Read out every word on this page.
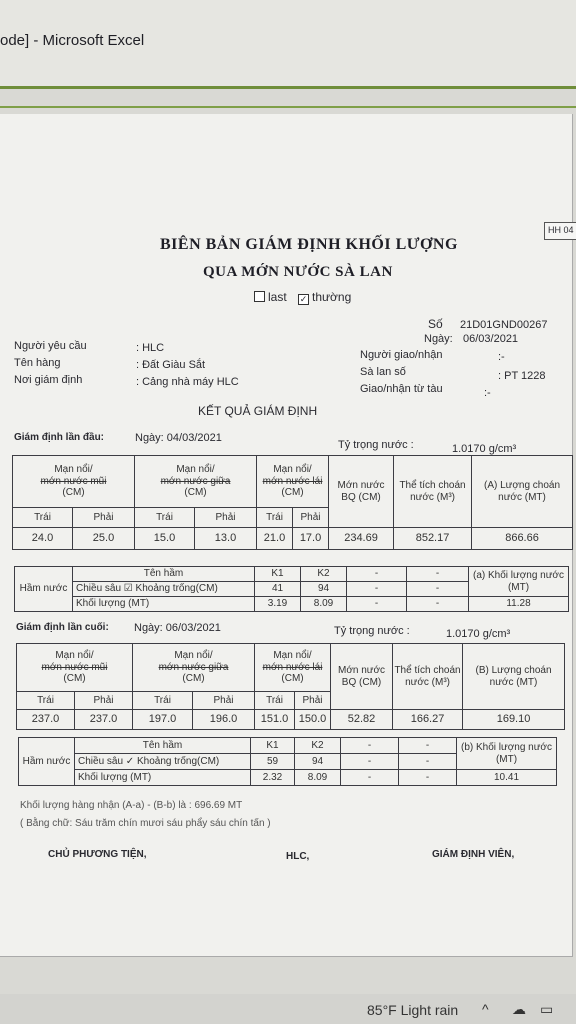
ode] - Microsoft Excel
HH 04
BIÊN BẢN GIÁM ĐỊNH KHỐI LƯỢNG
QUA MỚN NƯỚC SÀ LAN
last ✓ thường
Số 21D01GND00267
Ngày: 06/03/2021
Người yêu cầu	: HLC
Tên hàng	: Đất Giàu Sắt
Nơi giám định	: Cảng nhà máy HLC
Người giao/nhận	:-
Sà lan số	: PT 1228
Giao/nhận từ tàu	:-
KẾT QUẢ GIÁM ĐỊNH
Giám định lần đầu:	Ngày: 04/03/2021
Tỷ trọng nước :	1.0170 g/cm³
Mạn nổi/
mớn nước mũi
(CM)		Mạn nổi/
mớn nước giữa
(CM)		Mạn nổi/
mớn nước lái
(CM)		Mớn nước BQ (CM)	Thể tích choán nước (M³)	(A) Lượng choán nước (MT)
Trái	Phải	Trái	Phải	Trái	Phải			
24.0	25.0	15.0	13.0	21.0	17.0	234.69	852.17	866.66
Hầm nước	Tên hầm	K1	K2	-	-	(a) Khối lượng nước (MT)
	Chiều sâu ☑ Khoảng trống(CM)	41	94	-	-	
	Khối lượng (MT)	3.19	8.09	-	-	11.28
Giám định lần cuối: Ngày: 06/03/2021	Tỷ trọng nước :	1.0170 g/cm³
Mạn nổi/
mớn nước mũi
(CM)		Mạn nổi/
mớn nước giữa
(CM)		Mạn nổi/
mớn nước lái
(CM)		Mớn nước BQ (CM)	Thể tích choán nước (M³)	(B) Lượng choán nước (MT)
Trái	Phải	Trái	Phải	Trái	Phải			
237.0	237.0	197.0	196.0	151.0	150.0	52.82	166.27	169.10
Hầm nước	Tên hầm	K1	K2	-	-	(b) Khối lượng nước (MT)
	Chiều sâu ✓ Khoảng trống(CM)	59	94	-	-	
	Khối lượng (MT)	2.32	8.09	-	-	10.41
Khối lượng hàng nhận (A-a) - (B-b) là : 696.69 MT
( Bằng chữ: Sáu trăm chín mươi sáu phẩy sáu chín tấn )
CHỦ PHƯƠNG TIỆN,	HLC,	GIÁM ĐỊNH VIÊN,
85°F Light rain ^ ☁ ▭
